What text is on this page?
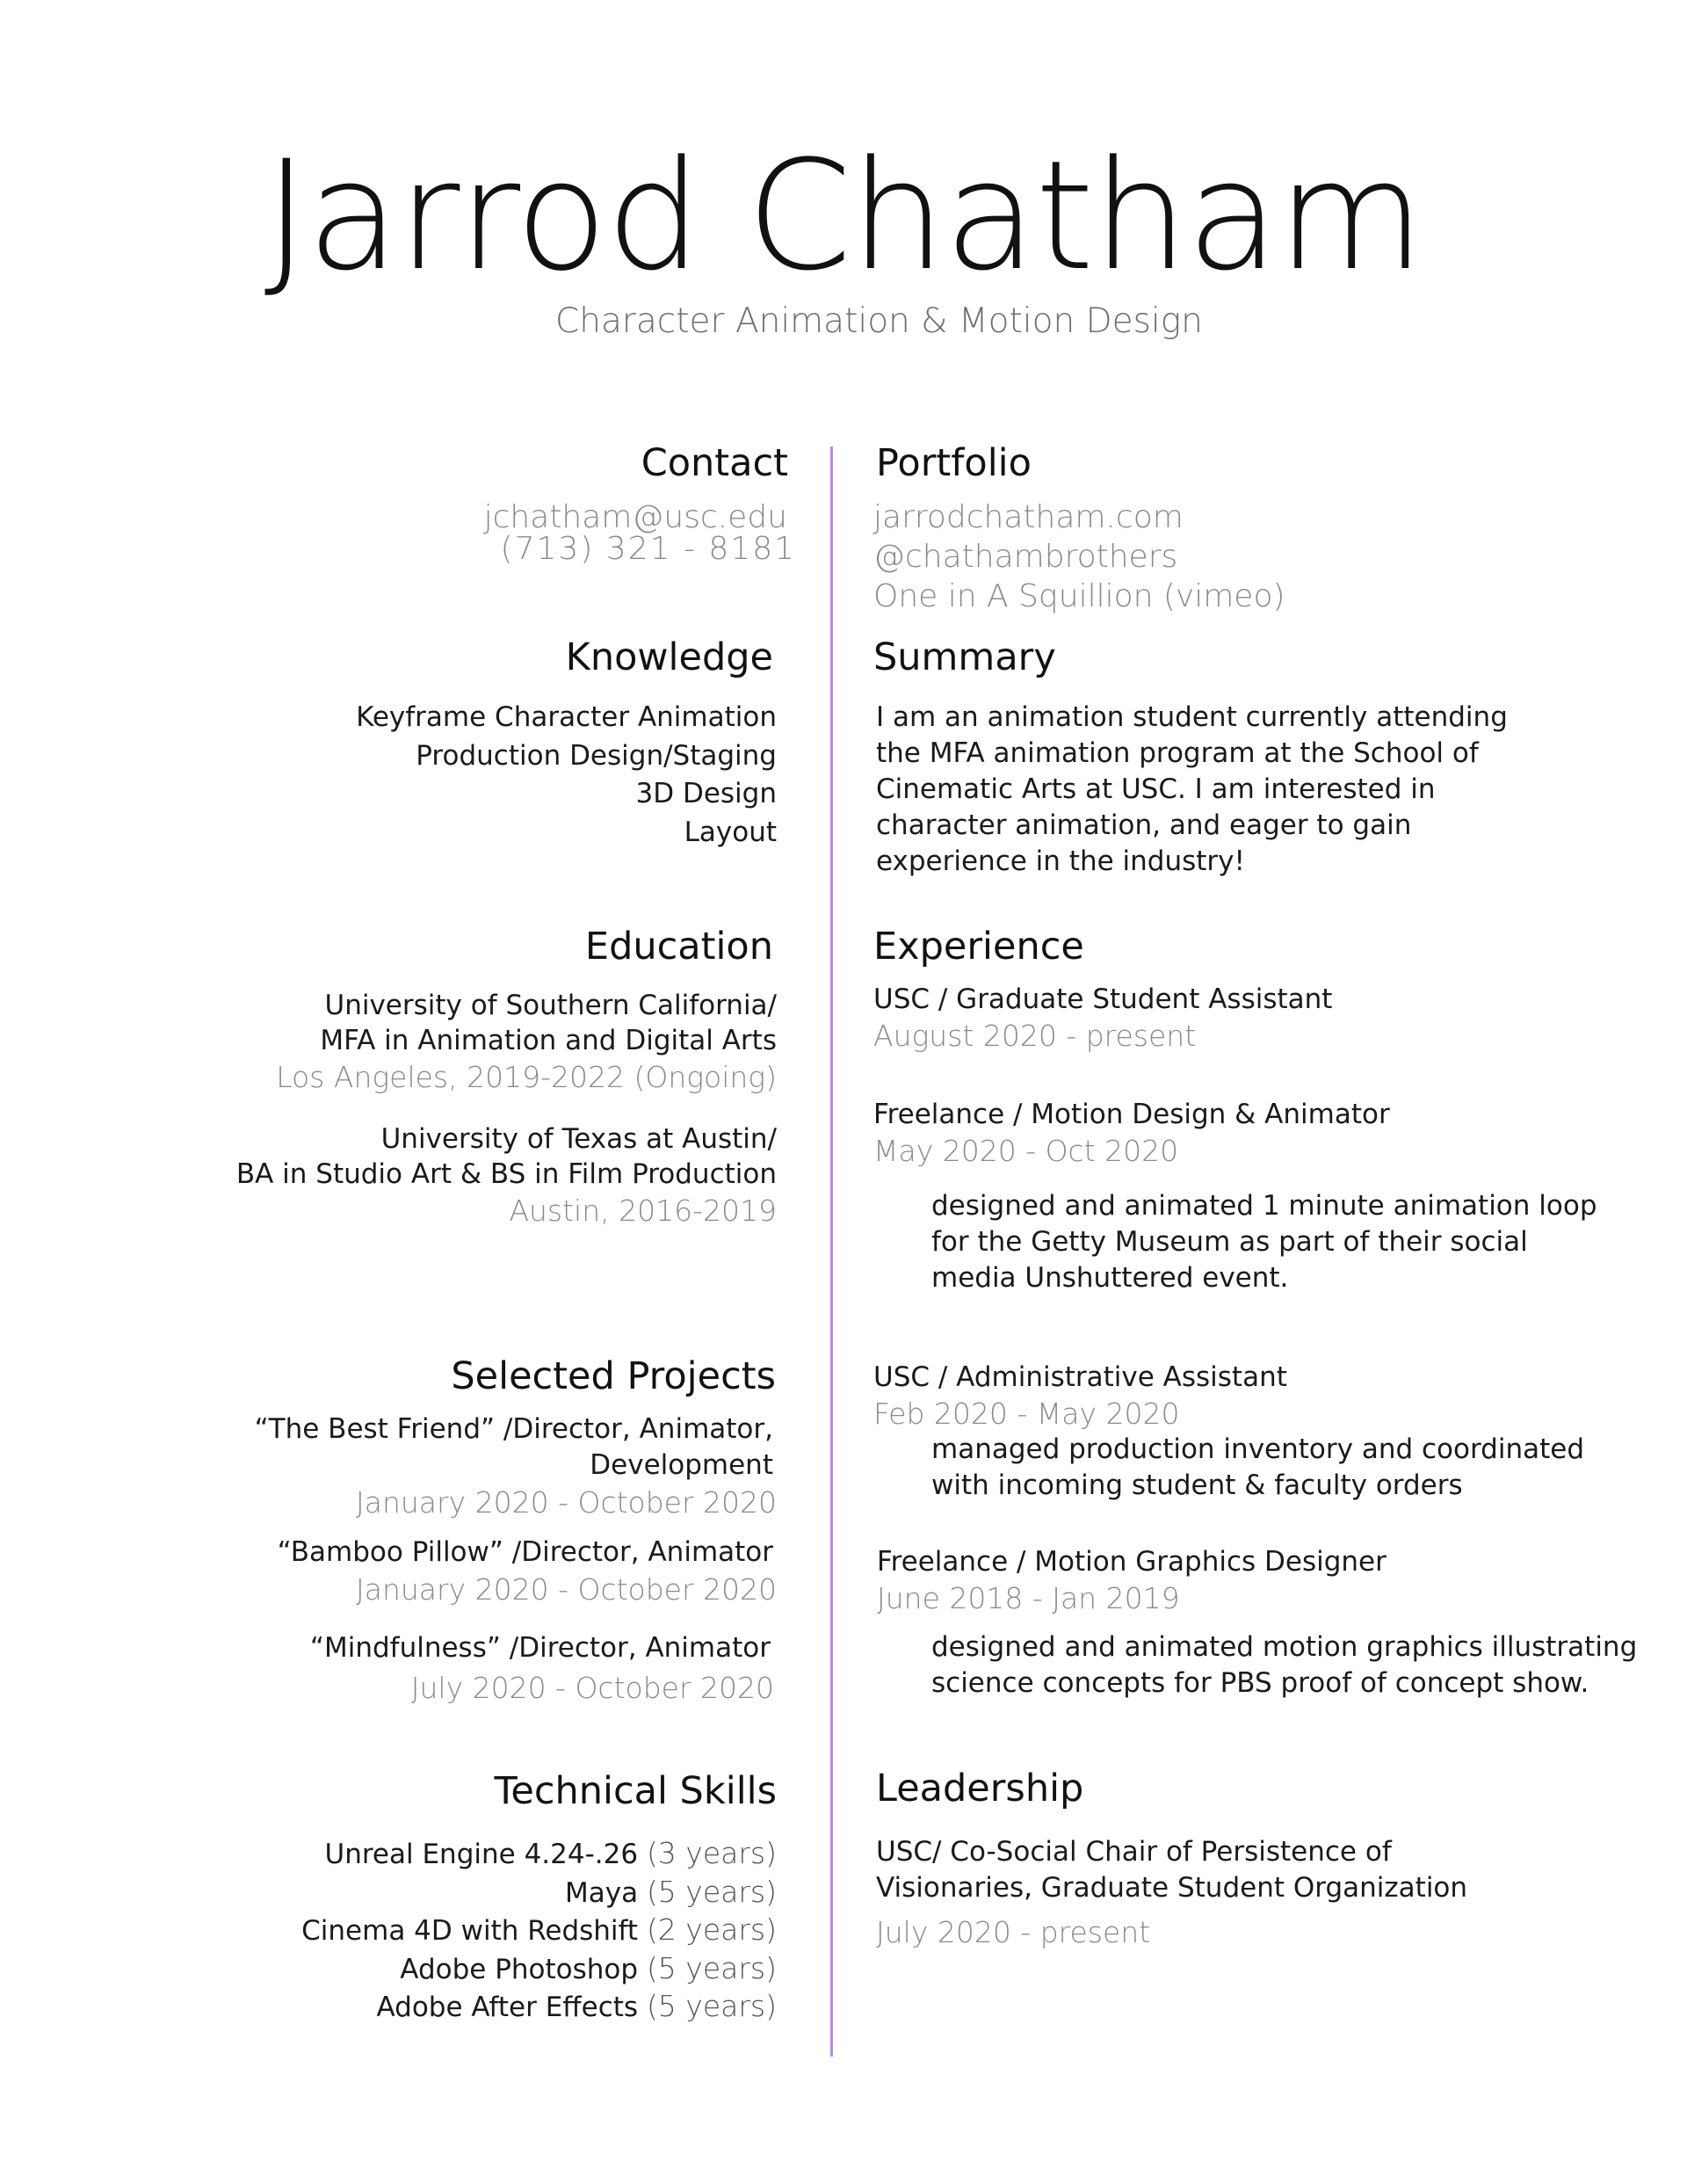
Jarrod Chatham
Character Animation & Motion Design
Contact
jchatham@usc.edu
(713) 321 - 8181
Knowledge
Keyframe Character Animation
Production Design/Staging
3D Design
Layout
Education
University of Southern California/
MFA in Animation and Digital Arts
Los Angeles, 2019-2022 (Ongoing)
University of Texas at Austin/
BA in Studio Art & BS in Film Production
Austin, 2016-2019
Selected Projects
“The Best Friend” /Director, Animator,
Development
January 2020 - October 2020
“Bamboo Pillow” /Director, Animator
January 2020 - October 2020
“Mindfulness” /Director, Animator
July 2020 - October 2020
Technical Skills
Unreal Engine 4.24-.26 (3 years)
Maya (5 years)
Cinema 4D with Redshift (2 years)
Adobe Photoshop (5 years)
Adobe After Effects (5 years)
Portfolio
jarrodchatham.com
@chathambrothers
One in A Squillion (vimeo)
Summary
I am an animation student currently attending
the MFA animation program at the School of
Cinematic Arts at USC. I am interested in
character animation, and eager to gain
experience in the industry!
Experience
USC / Graduate Student Assistant
August 2020 - present
Freelance / Motion Design & Animator
May 2020 - Oct 2020
designed and animated 1 minute animation loop
for the Getty Museum as part of their social
media Unshuttered event.
USC / Administrative Assistant
Feb 2020 - May 2020
managed production inventory and coordinated
with incoming student & faculty orders
Freelance / Motion Graphics Designer
June 2018 - Jan 2019
designed and animated motion graphics illustrating
science concepts for PBS proof of concept show.
Leadership
USC/ Co-Social Chair of Persistence of
Visionaries, Graduate Student Organization
July 2020 - present
